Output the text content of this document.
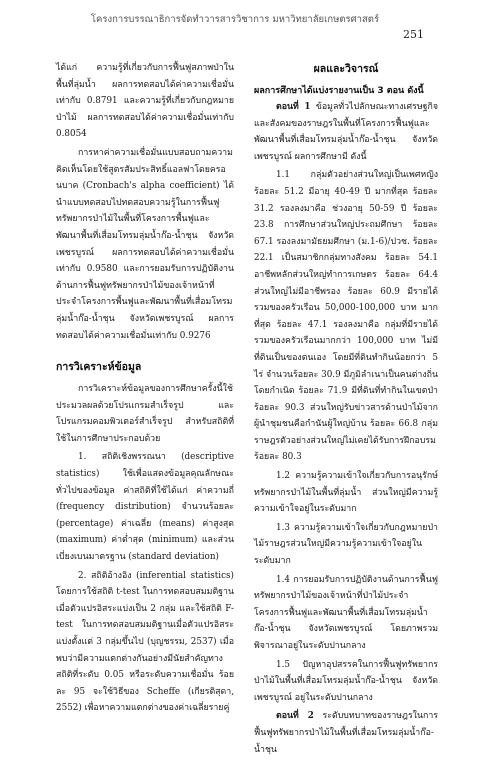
โครงการบรรณาธิการจัดทำวารสารวิชาการ มหาวิทยาลัยเกษตรศาสตร์
251

ได้แก่ ความรู้ที่เกี่ยวกับการฟื้นฟูสภาพป่าในพื้นที่ลุ่มน้ำ ผลการทดสอบได้ค่าความเชื่อมั่นเท่ากับ 0.8791 และความรู้ที่เกี่ยวกับกฎหมายป่าไม้ ผลการทดสอบได้ค่าความเชื่อมั่นเท่ากับ 0.8054

การหาค่าความเชื่อมั่นแบบสอบถามความคิดเห็นโดยใช้สูตรสัมประสิทธิ์แอลฟาโดยครอนบาค (Cronbach's alpha coefficient) ได้นำแบบทดสอบไปทดสอบความรู้ในการฟื้นฟูทรัพยากรป่าไม้ในพื้นที่โครงการพื้นฟูและพัฒนาพื้นที่เสื่อมโทรมลุ่มน้ำก๊อ-น้ำชุน จังหวัดเพชรบูรณ์ ผลการทดสอบได้ค่าความเชื่อมั่นเท่ากับ 0.9580 และการยอมรับการปฏิบัติงานด้านการฟื้นฟูทรัพยากรป่าไม้ของเจ้าหน้าที่ประจำโครงการพื้นฟูและพัฒนาพื้นที่เสื่อมโทรมลุ่มน้ำก๊อ-น้ำชุน จังหวัดเพชรบูรณ์ ผลการทดสอบได้ค่าความเชื่อมั่นเท่ากับ 0.9276

การวิเคราะห์ข้อมูล

การวิเคราะห์ข้อมูลของการศึกษาครั้งนี้ใช้ประมวลผลด้วยโปรแกรมสำเร็จรูป และโปรแกรมคอมพิวเตอร์สำเร็จรูป สำหรับสถิติที่ใช้ในการศึกษาประกอบด้วย

1. สถิติเชิงพรรณนา (descriptive statistics) ใช้เพื่อแสดงข้อมูลคุณลักษณะทั่วไปของข้อมูล ค่าสถิติที่ใช้ได้แก่ ค่าความถี่ (frequency distribution) จำนวนร้อยละ (percentage) ค่าเฉลี่ย (means) ค่าสูงสุด (maximum) ค่าต่ำสุด (minimum) และส่วนเบี่ยงเบนมาตรฐาน (standard deviation)

2. สถิติอ้างอิง (inferential statistics) โดยการใช้สถิติ t-test ในการทดสอบสมมติฐานเมื่อตัวแปรอิสระแบ่งเป็น 2 กลุ่ม และใช้สถิติ F-test ในการทดสอบสมมติฐานเมื่อตัวแปรอิสระ แบ่งตั้งแต่ 3 กลุ่มขึ้นไป (บุญชรรม, 2537) เมื่อพบว่ามีความแตกต่างกันอย่างมีนัยสำคัญทางสถิติที่ระดับ 0.05 หรือระดับความเชื่อมั่น ร้อยละ 95 จะใช้วิธีของ Scheffe (เกียรติสุดา, 2552) เพื่อหาความแตกต่างของค่าเฉลี่ยรายคู่

ผลและวิจารณ์
ผลการศึกษาได้แบ่งรายงานเป็น 3 ตอน ดังนี้

ตอนที่ 1 ข้อมูลทั่วไปลักษณะทางเศรษฐกิจและสังคมของราษฎรในพื้นที่โครงการฟื้นฟูและพัฒนาพื้นที่เสื่อมโทรมลุ่มน้ำก๊อ-น้ำชุน จังหวัดเพชรบูรณ์ ผลการศึกษามี ดังนี้

1.1 กลุ่มตัวอย่างส่วนใหญ่เป็นเพศหญิง ร้อยละ 51.2 มีอายุ 40-49 ปี มากที่สุด ร้อยละ 31.2 รองลงมาคือ ช่วงอายุ 50-59 ปี ร้อยละ 23.8 การศึกษาส่วนใหญ่ประถมศึกษา ร้อยละ 67.1 รองลงมามัธยมศึกษา (ม.1-6)/ปวช. ร้อยละ 22.1 เป็นสมาชิกกลุ่มทางสังคม ร้อยละ 54.1 อาชีพหลักส่วนใหญ่ทำการเกษตร ร้อยละ 64.4 ส่วนใหญ่ไม่มีอาชีพรอง ร้อยละ 60.9 มีรายได้รวมของครัวเรือน 50,000-100,000 บาท มากที่สุด ร้อยละ 47.1 รองลงมาคือ กลุ่มที่มีรายได้รวมของครัวเรือนมากกว่า 100,000 บาท ไม่มีที่ดินเป็นของตนเอง โดยมีที่ดินทำกินน้อยกว่า 5 ไร่ จำนวนร้อยละ 30.9 มีภูมิลำเนาเป็นคนต่างถิ่นโดยกำเนิด ร้อยละ 71.9 มีที่ดินที่ทำกินในเขตป่า ร้อยละ 90.3 ส่วนใหญ่รับข่าวสารด้านป่าไม้จากผู้นำชุมชนคือกำนันผู้ใหญ่บ้าน ร้อยละ 66.8 กลุ่มราษฎรตัวอย่างส่วนใหญ่ไม่เคยได้รับการฝึกอบรม ร้อยละ 80.3

1.2 ความรู้ความเข้าใจเกี่ยวกับการอนุรักษ์ทรัพยากรป่าไม้ในพื้นที่ลุ่มน้ำ ส่วนใหญ่มีความรู้ความเข้าใจอยู่ในระดับมาก

1.3 ความรู้ความเข้าใจเกี่ยวกับกฎหมายป่าไม้ราษฎรส่วนใหญ่มีความรู้ความเข้าใจอยู่ในระดับมาก

1.4 การยอมรับการปฏิบัติงานด้านการฟื้นฟูทรัพยากรป่าไม้ของเจ้าหน้าที่ป่าไม้ประจำโครงการฟื้นฟูและพัฒนาพื้นที่เสื่อมโทรมลุ่มน้ำก๊อ-น้ำชุน จังหวัดเพชรบูรณ์ โดยภาพรวมพิจารณาอยู่ในระดับปานกลาง

1.5 ปัญหาอุปสรรคในการฟื้นฟูทรัพยากรป่าไม้ในพื้นที่เสื่อมโทรมลุ่มน้ำก๊อ-น้ำชุน จังหวัดเพชรบูรณ์ อยู่ในระดับปานกลาง

ตอนที่ 2 ระดับบทบาทของราษฎรในการฟื้นฟูทรัพยากรป่าไม้ในพื้นที่เสื่อมโทรมลุ่มน้ำก๊อ-น้ำชุน
